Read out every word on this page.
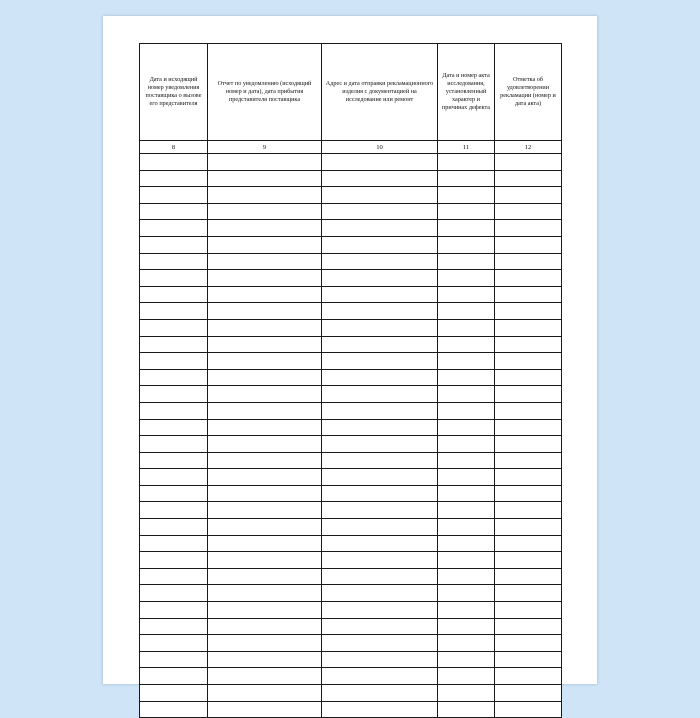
Дата и исходящий номер уведомления поставщика о вызове его представителя	Отчет по уведомлению (исходящий номер и дата), дата прибытия представителя поставщика	Адрес и дата отправки рекламационного изделия с документацией на исследование или ремонт	Дата и номер акта исследования, установленный характер и причинах дефекта	Отметка об удовлетворении рекламации (номер и дата акта)

8	9	10	11	12
